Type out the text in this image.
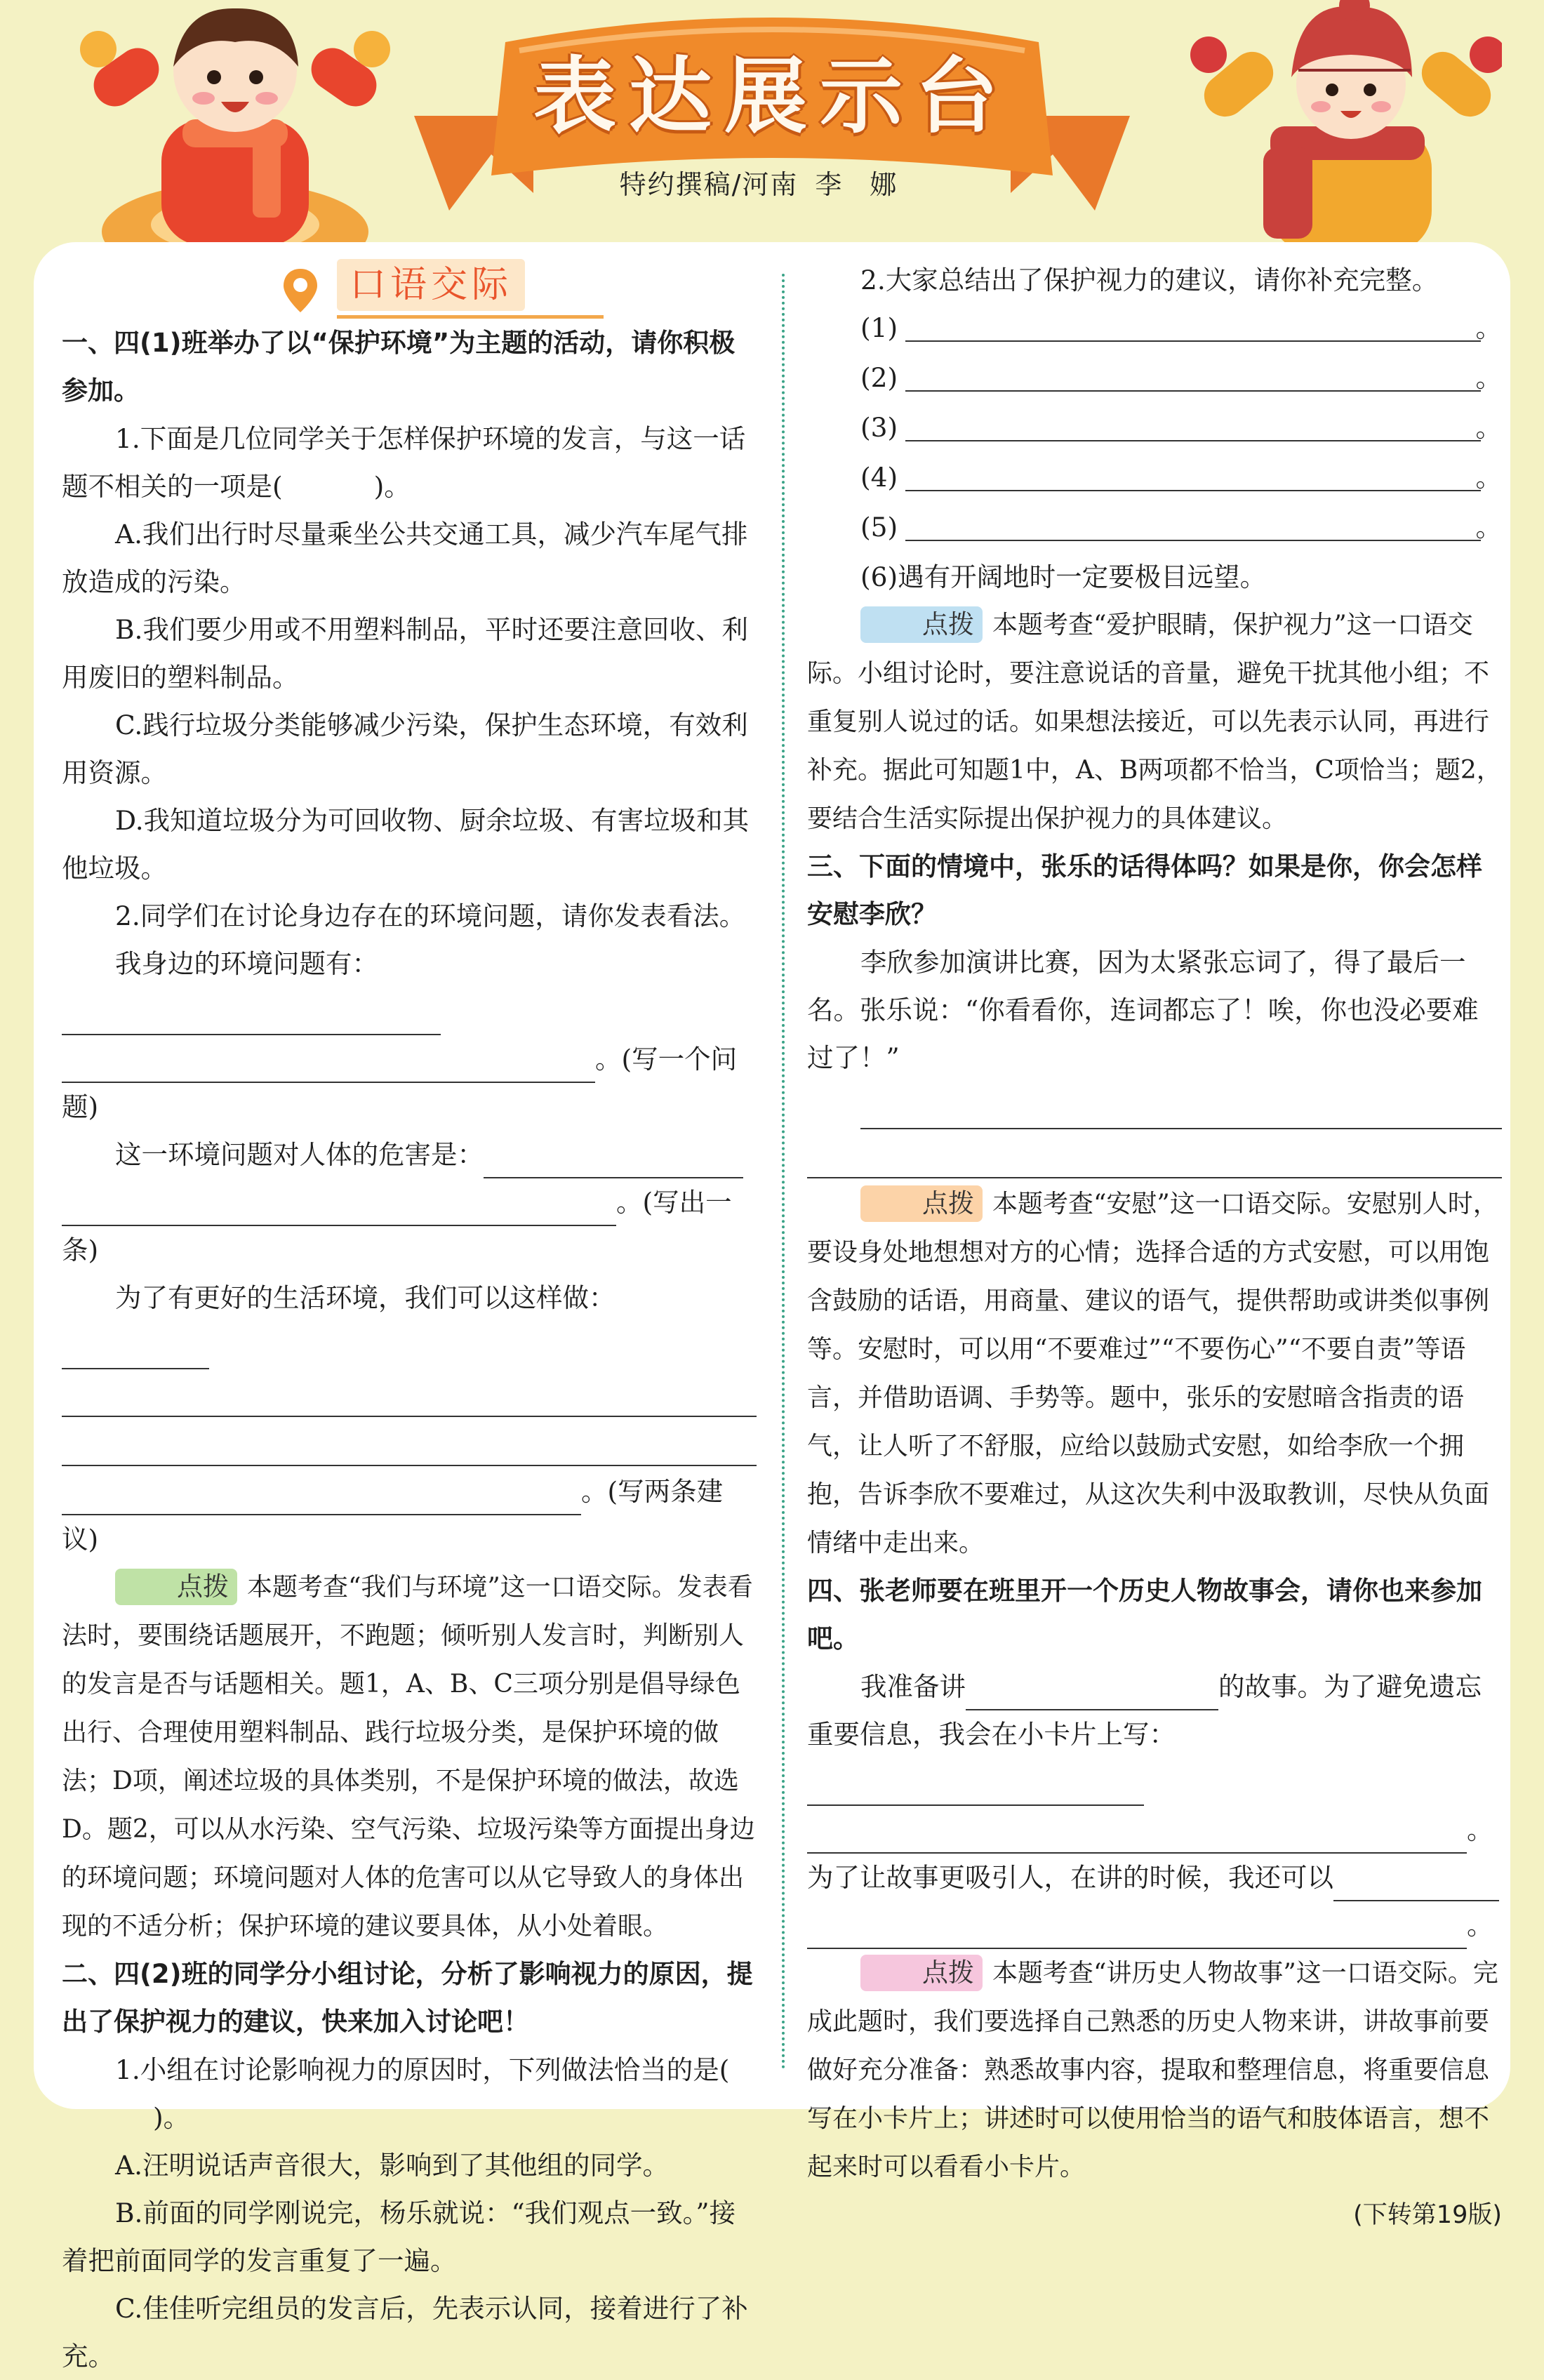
表达展示台
特约撰稿/河南 李娜
口语交际

一、四(1)班举办了以“保护环境”为主题的活动，请你积极参加。

1.下面是几位同学关于怎样保护环境的发言，与这一话题不相关的一项是(	)。

A.我们出行时尽量乘坐公共交通工具，减少汽车尾气排放造成的污染。

B.我们要少用或不用塑料制品，平时还要注意回收、利用废旧的塑料制品。

C.践行垃圾分类能够减少污染，保护生态环境，有效利用资源。

D.我知道垃圾分为可回收物、厨余垃圾、有害垃圾和其他垃圾。

2.同学们在讨论身边存在的环境问题，请你发表看法。

我身边的环境问题有：

。(写一个问题)

这一环境问题对人体的危害是：

。(写出一条)

为了有更好的生活环境，我们可以这样做：

。(写两条建议)

点拨 本题考查“我们与环境”这一口语交际。发表看法时，要围绕话题展开，不跑题；倾听别人发言时，判断别人的发言是否与话题相关。题1，A、B、C三项分别是倡导绿色出行、合理使用塑料制品、践行垃圾分类，是保护环境的做法；D项，阐述垃圾的具体类别，不是保护环境的做法，故选D。题2，可以从水污染、空气污染、垃圾污染等方面提出身边的环境问题；环境问题对人体的危害可以从它导致人的身体出现的不适分析；保护环境的建议要具体，从小处着眼。

二、四(2)班的同学分小组讨论，分析了影响视力的原因，提出了保护视力的建议，快来加入讨论吧！

1.小组在讨论影响视力的原因时，下列做法恰当的是()。

A.汪明说话声音很大，影响到了其他组的同学。

B.前面的同学刚说完，杨乐就说：“我们观点一致。”接着把前面同学的发言重复了一遍。

C.佳佳听完组员的发言后，先表示认同，接着进行了补充。

2.大家总结出了保护视力的建议，请你补充完整。

(1)	。
(2)	。
(3)	。
(4)	。
(5)	。

(6)遇有开阔地时一定要极目远望。

点拨 本题考查“爱护眼睛，保护视力”这一口语交际。小组讨论时，要注意说话的音量，避免干扰其他小组；不重复别人说过的话。如果想法接近，可以先表示认同，再进行补充。据此可知题1中，A、B两项都不恰当，C项恰当；题2，要结合生活实际提出保护视力的具体建议。

三、下面的情境中，张乐的话得体吗？如果是你，你会怎样安慰李欣？

李欣参加演讲比赛，因为太紧张忘词了，得了最后一名。张乐说：“你看看你，连词都忘了！唉，你也没必要难过了！”

点拨 本题考查“安慰”这一口语交际。安慰别人时，要设身处地想想对方的心情；选择合适的方式安慰，可以用饱含鼓励的话语，用商量、建议的语气，提供帮助或讲类似事例等。安慰时，可以用“不要难过”“不要伤心”“不要自责”等语言，并借助语调、手势等。题中，张乐的安慰暗含指责的语气，让人听了不舒服，应给以鼓励式安慰，如给李欣一个拥抱，告诉李欣不要难过，从这次失利中汲取教训，尽快从负面情绪中走出来。

四、张老师要在班里开一个历史人物故事会，请你也来参加吧。

我准备讲	的故事。为了避免遗忘重要信息，我会在小卡片上写：

。

为了让故事更吸引人，在讲的时候，我还可以

。

点拨 本题考查“讲历史人物故事”这一口语交际。完成此题时，我们要选择自己熟悉的历史人物来讲，讲故事前要做好充分准备：熟悉故事内容，提取和整理信息，将重要信息写在小卡片上；讲述时可以使用恰当的语气和肢体语言，想不起来时可以看看小卡片。

(下转第19版)
